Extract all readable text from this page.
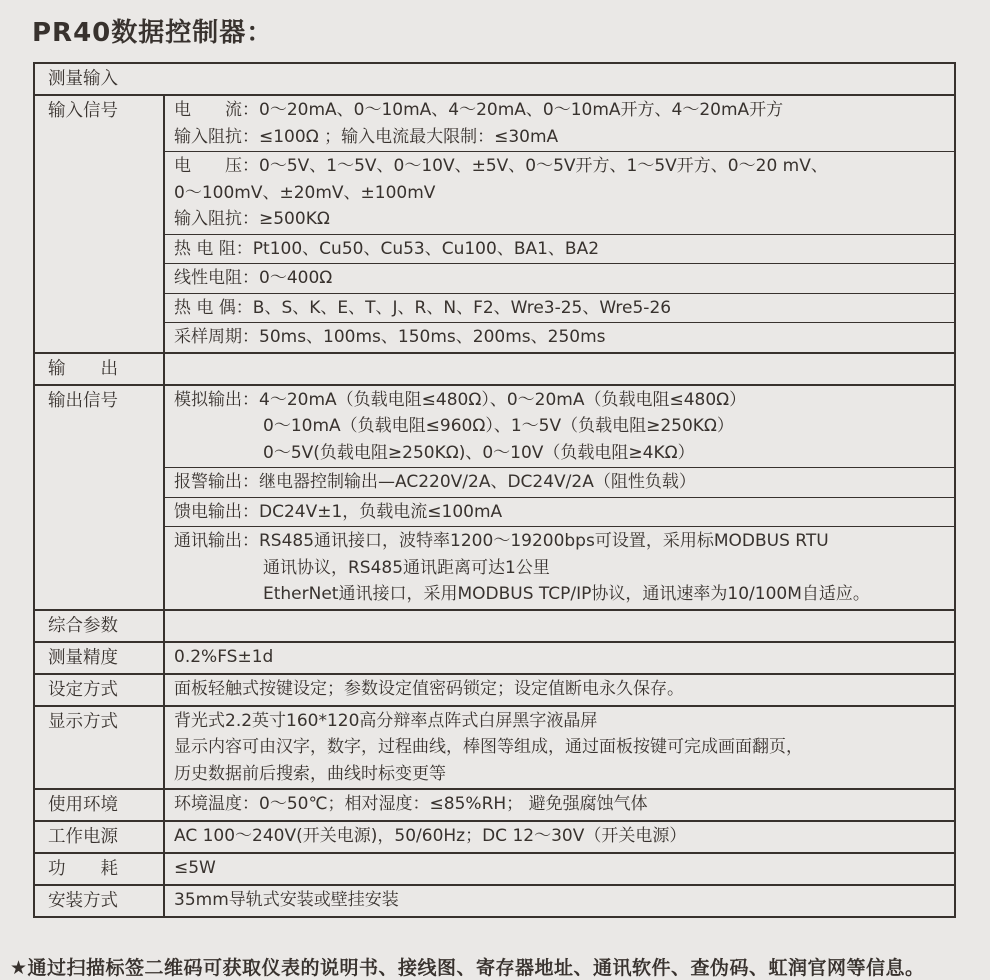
PR40数据控制器：
测量输入
输入信号	电　　流：0～20mA、0～10mA、4～20mA、0～10mA开方、4～20mA开方
输入阻抗：≤100Ω ；输入电流最大限制：≤30mA
电　　压：0～5V、1～5V、0～10V、±5V、0～5V开方、1～5V开方、0～20 mV、
0～100mV、±20mV、±100mV
输入阻抗：≥500KΩ
热 电 阻：Pt100、Cu50、Cu53、Cu100、BA1、BA2
线性电阻：0～400Ω
热 电 偶：B、S、K、E、T、J、R、N、F2、Wre3-25、Wre5-26
采样周期：50ms、100ms、150ms、200ms、250ms
输　　出
输出信号	模拟输出：4～20mA（负载电阻≤480Ω）、0～20mA（负载电阻≤480Ω）
0～10mA（负载电阻≤960Ω）、1～5V（负载电阻≥250KΩ）
0～5V(负载电阻≥250KΩ)、0～10V（负载电阻≥4KΩ）
报警输出：继电器控制输出—AC220V/2A、DC24V/2A（阻性负载）
馈电输出：DC24V±1，负载电流≤100mA
通讯输出：RS485通讯接口，波特率1200～19200bps可设置，采用标MODBUS RTU
通讯协议，RS485通讯距离可达1公里
EtherNet通讯接口，采用MODBUS TCP/IP协议，通讯速率为10/100M自适应。
综合参数
测量精度	0.2%FS±1d
设定方式	面板轻触式按键设定；参数设定值密码锁定；设定值断电永久保存。
显示方式	背光式2.2英寸160*120高分辩率点阵式白屏黑字液晶屏
显示内容可由汉字，数字，过程曲线，棒图等组成，通过面板按键可完成画面翻页，
历史数据前后搜索，曲线时标变更等
使用环境	环境温度：0～50℃；相对湿度：≤85%RH； 避免强腐蚀气体
工作电源	AC 100～240V(开关电源)，50/60Hz；DC 12～30V（开关电源）
功　　耗	≤5W
安装方式	35mm导轨式安装或壁挂安装
★通过扫描标签二维码可获取仪表的说明书、接线图、寄存器地址、通讯软件、查伪码、虹润官网等信息。
